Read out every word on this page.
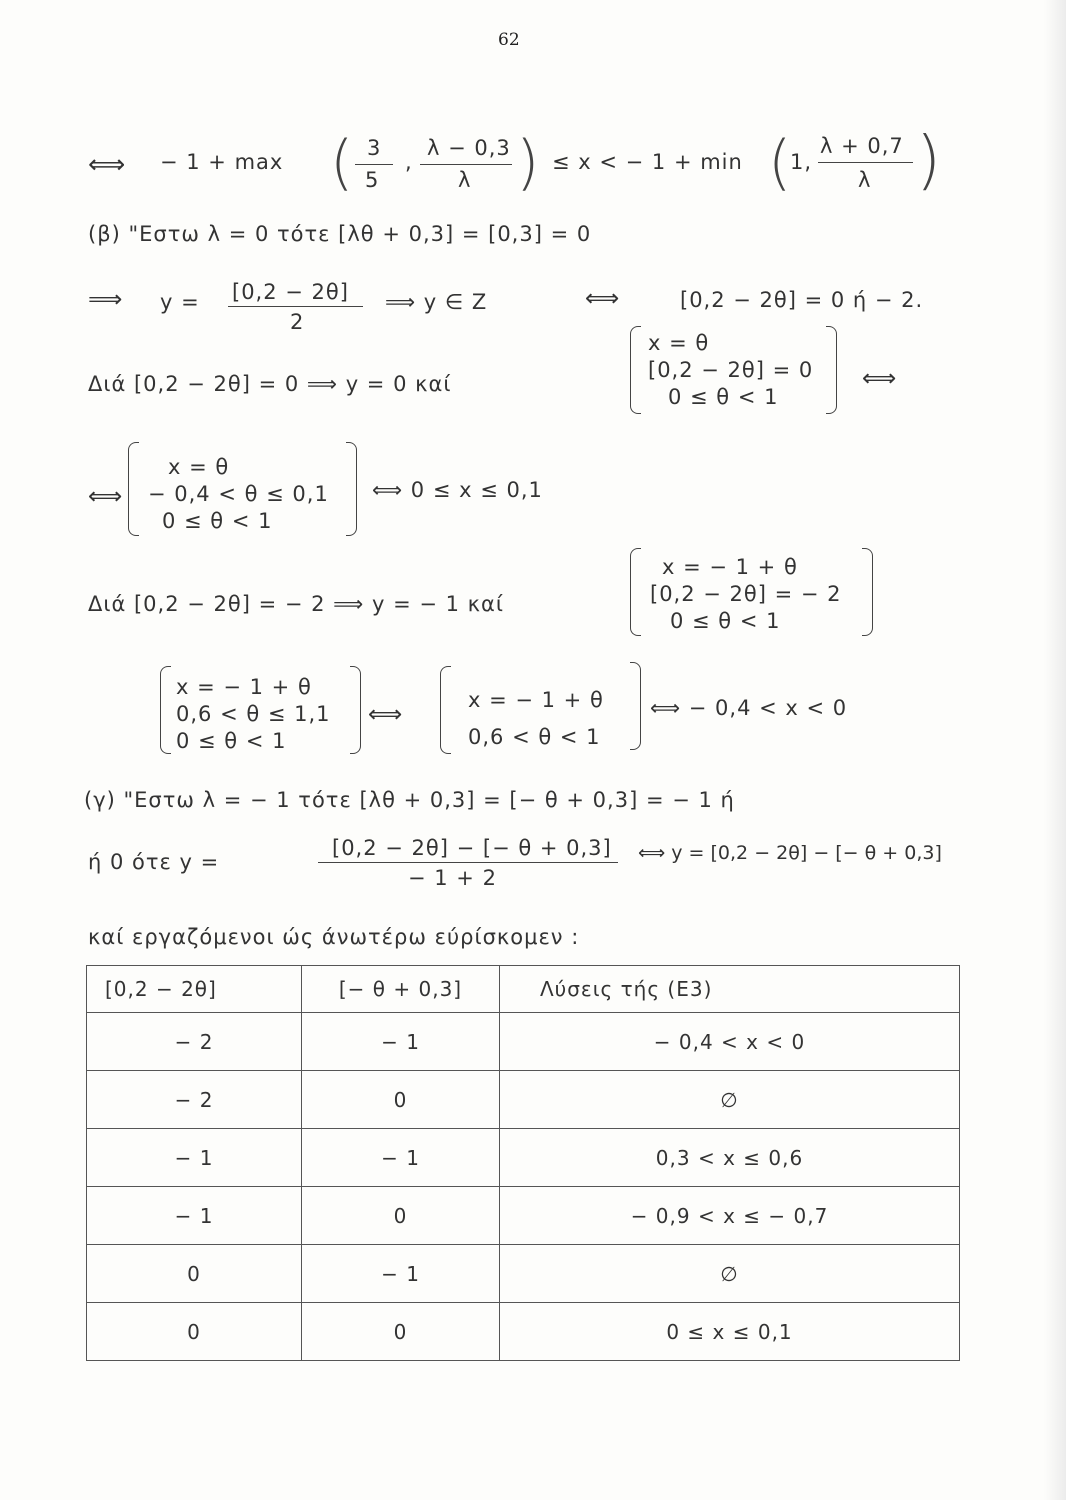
62
⟺ − 1 + max ( 3
5
,
λ − 0,3
λ ) ≤ x < − 1 + min (
1,
λ + 0,7
λ )
(β) "Εστω λ = 0 τότε [λθ + 0,3] = [0,3] = 0
⟹ y = [0,2 − 2θ]
2
⟹ y ∈ Z	⟺	[0,2 − 2θ] = 0 ή − 2.
Διά [0,2 − 2θ] = 0 ⟹ y = 0 καί
x = θ
[0,2 − 2θ] = 0
0 ≤ θ < 1
⟺
⟺
x = θ
− 0,4 < θ ≤ 0,1
0 ≤ θ < 1
⟺ 0 ≤ x ≤ 0,1
Διά [0,2 − 2θ] = − 2 ⟹ y = − 1 καί
x = − 1 + θ
[0,2 − 2θ] = − 2
0 ≤ θ < 1
x = − 1 + θ
0,6 < θ ≤ 1,1
0 ≤ θ < 1
⟺	x = − 1 + θ
0,6 < θ < 1
⟺ − 0,4 < x < 0
(γ) "Εστω λ = − 1 τότε [λθ + 0,3] = [− θ + 0,3] = − 1 ή
ή 0 ότε y =
[0,2 − 2θ] − [− θ + 0,3]
− 1 + 2
⟺ y = [0,2 − 2θ] − [− θ + 0,3]
καί εργαζόμενοι ώς άνωτέρω εύρίσκομεν :
[0,2 − 2θ]	[− θ + 0,3]	Λύσεις τής (Ε3)
− 2	− 1	− 0,4 < x < 0
− 2	0	∅
− 1	− 1	0,3 < x ≤ 0,6
− 1	0	− 0,9 < x ≤ − 0,7
0	− 1	∅
0	0	0 ≤ x ≤ 0,1
